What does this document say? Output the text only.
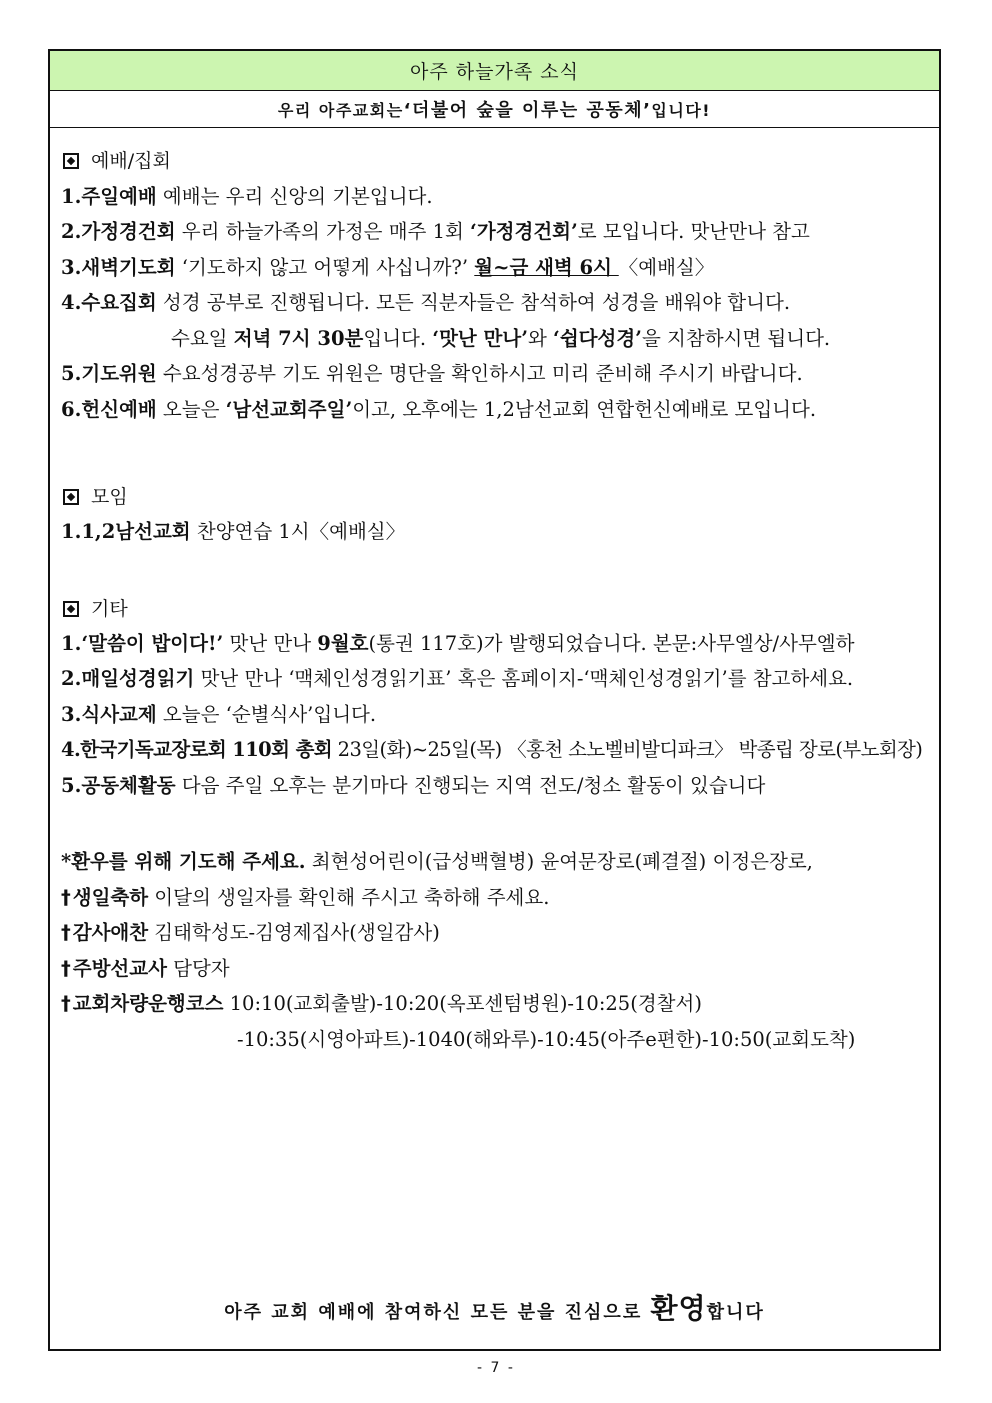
아주 하늘가족 소식
우리 아주교회는 ‘더불어 숲을 이루는 공동체’ 입니다!
예배/집회
1.주일예배 예배는 우리 신앙의 기본입니다.
2.가정경건회 우리 하늘가족의 가정은 매주 1회 ‘가정경건회’로 모입니다. 맛난만나 참고
3.새벽기도회 ‘기도하지 않고 어떻게 사십니까?’ 월~금 새벽 6시 〈예배실〉
4.수요집회 성경 공부로 진행됩니다. 모든 직분자들은 참석하여 성경을 배워야 합니다.
수요일 저녁 7시 30분입니다. ‘맛난 만나’와 ‘쉽다성경’을 지참하시면 됩니다.
5.기도위원 수요성경공부 기도 위원은 명단을 확인하시고 미리 준비해 주시기 바랍니다.
6.헌신예배 오늘은 ‘남선교회주일’이고, 오후에는 1,2남선교회 연합헌신예배로 모입니다.
모임
1.1,2남선교회 찬양연습 1시〈예배실〉
기타
1.‘말씀이 밥이다!’ 맛난 만나 9월호(통권 117호)가 발행되었습니다. 본문:사무엘상/사무엘하
2.매일성경읽기 맛난 만나 ‘맥체인성경읽기표’ 혹은 홈페이지-‘맥체인성경읽기’를 참고하세요.
3.식사교제 오늘은 ‘순별식사’입니다.
4.한국기독교장로회 110회 총회 23일(화)~25일(목) 〈홍천 소노벨비발디파크〉 박종립 장로(부노회장)
5.공동체활동 다음 주일 오후는 분기마다 진행되는 지역 전도/청소 활동이 있습니다
*환우를 위해 기도해 주세요. 최현성어린이(급성백혈병) 윤여문장로(폐결절) 이정은장로,
† 생일축하 이달의 생일자를 확인해 주시고 축하해 주세요.
† 감사애찬 김태학성도-김영제집사(생일감사)
† 주방선교사 담당자
† 교회차량운행코스 10:10(교회출발)-10:20(옥포센텀병원)-10:25(경찰서)
-10:35(시영아파트)-1040(해와루)-10:45(아주e편한)-10:50(교회도착)
아주 교회 예배에 참여하신 모든 분을 진심으로 환영합니다
- 7 -
